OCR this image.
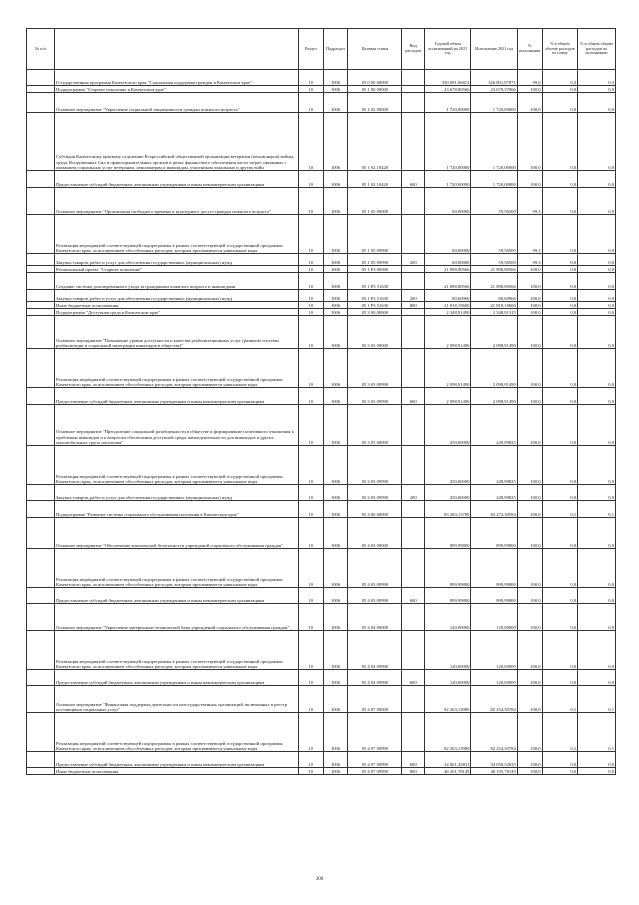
№ п/п		Раздел	Подраздел	Целевая статья	Вид расходов	Годовой объем ассигнований на 2021 год	Исполнение 2021 год	% исполнения	% в общем объеме расходов по плану	% в общем объеме расходов по исполнению
	Государственная программа Камчатского края "Социальная поддержка граждан в Камчатском крае"	10	1006	05 0 00 00000		330 091,06812	326 801,07871	99,0	0,3	0,3
	Подпрограмма "Старшее поколение в Камчатском крае"	10	1006	05 1 00 00000		23 678,80566	23 678,37066	100,0	0,0	0,0
	Основное мероприятие "Укрепление социальной защищенности граждан пожилого возраста"	10	1006	05 1 02 00000		1 720,00000	1 720,00000	100,0	0,0	0,0
	Субсидия Камчатскому краевому отделению Всероссийской общественной организации ветеранов (пенсионеров) войны, труда, Вооруженных Сил и правоохранительных органов в целях финансового обеспечения части затрат, связанных с оказанием социальных услуг ветеранам, пенсионерам и инвалидам, участникам локальных и других войн	10	1006	05 1 02 10420		1 720,00000	1 720,00000	100,0	0,0	0,0
	Предоставление субсидий бюджетным, автономным учреждениям и иным некоммерческим организациям	10	1006	05 1 02 10420	600	1 720,00000	1 720,00000	100,0	0,0	0,0
	Основное мероприятие "Организация свободного времени и культурного досуга граждан пожилого возраста"	10	1006	05 1 05 00000		60,00000	59,56500	99,3	0,0	0,0
	Реализация мероприятий соответствующей подпрограммы в рамках соответствующей государственной программы Камчатского края, за исключением обособленных расходов, которым присваиваются уникальные коды	10	1006	05 1 05 09990		60,00000	59,56500	99,3	0,0	0,0
	Закупка товаров, работ и услуг для обеспечения государственных (муниципальных) нужд	10	1006	05 1 05 09990	200	60,00000	59,56500	99,3	0,0	0,0
	Региональный проект "Старшее поколение"	10	1006	05 1 P3 00000		21 898,80566	21 898,80566	100,0	0,0	0,0
	Создание системы долговременного ухода за гражданами пожилого возраста и инвалидами	10	1006	05 1 P3 51630		21 898,80566	21 898,80566	100,0	0,0	0,0
	Закупка товаров, работ и услуг для обеспечения государственных (муниципальных) нужд	10	1006	05 1 P3 51630	200	80,60966	80,60966	100,0	0,0	0,0
	Иные бюджетные ассигнования	10	1006	05 1 P3 51630	800	21 818,19600	21 818,19600	100,0	0,0	0,0
	Подпрограмма "Доступная среда в Камчатском крае"	10	1006	05 3 00 00000		2 348,91490	2 348,91315	100,0	0,0	0,0
	Основное мероприятие "Повышение уровня доступности и качества реабилитационных услуг (развитие системы реабилитации и социальной интеграции инвалидов в обществе)"	10	1006	05 3 03 00000		2 098,91490	2 098,91490	100,0	0,0	0,0
	Реализация мероприятий соответствующей подпрограммы в рамках соответствующей государственной программы Камчатского края, за исключением обособленных расходов, которым присваиваются уникальные коды	10	1006	05 3 03 09990		2 098,91490	2 098,91490	100,0	0,0	0,0
	Предоставление субсидий бюджетным, автономным учреждениям и иным некоммерческим организациям	10	1006	05 3 03 09990	600	2 098,91490	2 098,91490	100,0	0,0	0,0
	Основное мероприятие "Преодоление социальной разобщенности в обществе и формирование позитивного отношения к проблемам инвалидов и к вопросам обеспечения доступной среды жизнедеятельности для инвалидов и других маломобильных групп населения"	10	1006	05 3 05 00000		250,00000	249,99825	100,0	0,0	0,0
	Реализация мероприятий соответствующей подпрограммы в рамках соответствующей государственной программы Камчатского края, за исключением обособленных расходов, которым присваиваются уникальные коды	10	1006	05 3 05 09990		250,00000	249,99825	100,0	0,0	0,0
	Закупка товаров, работ и услуг для обеспечения государственных (муниципальных) нужд	10	1006	05 3 05 09990	200	250,00000	249,99825	100,0	0,0	0,0
	Подпрограмма "Развитие системы социального обслуживания населения в Камчатском крае"	10	1006	05 4 00 00000		83 283,13780	83 274,30584	100,0	0,1	0,1
	Основное мероприятие "Обеспечение комплексной безопасности учреждений социального обслуживания граждан"	10	1006	05 4 03 00000		899,99800	899,99800	100,0	0,0	0,0
	Реализация мероприятий соответствующей подпрограммы в рамках соответствующей государственной программы Камчатского края, за исключением обособленных расходов, которым присваиваются уникальные коды	10	1006	05 4 03 09990		899,99800	899,99800	100,0	0,0	0,0
	Предоставление субсидий бюджетным, автономным учреждениям и иным некоммерческим организациям	10	1006	05 4 03 09990	600	899,99800	899,99800	100,0	0,0	0,0
	Основное мероприятие "Укрепление материально-технической базы учреждений социального обслуживания граждан"	10	1006	05 4 04 00000		120,00000	120,00000	100,0	0,0	0,0
	Реализация мероприятий соответствующей подпрограммы в рамках соответствующей государственной программы Камчатского края, за исключением обособленных расходов, которым присваиваются уникальные коды	10	1006	05 4 04 09990		120,00000	120,00000	100,0	0,0	0,0
	Предоставление субсидий бюджетным, автономным учреждениям и иным некоммерческим организациям	10	1006	05 4 04 09990	600	120,00000	120,00000	100,0	0,0	0,0
	Основное мероприятие "Финансовая поддержка деятельности негосударственных организаций, включенных в реестр поставщиков социальных услуг"	10	1006	05 4 07 00000		82 263,13980	82 254,30784	100,0	0,1	0,1
	Реализация мероприятий соответствующей подпрограммы в рамках соответствующей государственной программы Камчатского края, за исключением обособленных расходов, которым присваиваются уникальные коды	10	1006	05 4 07 09990		82 263,13980	82 254,30784	100,0	0,1	0,1
	Предоставление субсидий бюджетным, автономным учреждениям и иным некоммерческим организациям	10	1006	05 4 07 09990	600	34 061,35831	34 058,52635	100,0	0,0	0,0
	Иные бюджетные ассигнования	10	1006	05 4 07 09990	800	48 201,78149	48 195,78149	100,0	0,0	0,0
300
